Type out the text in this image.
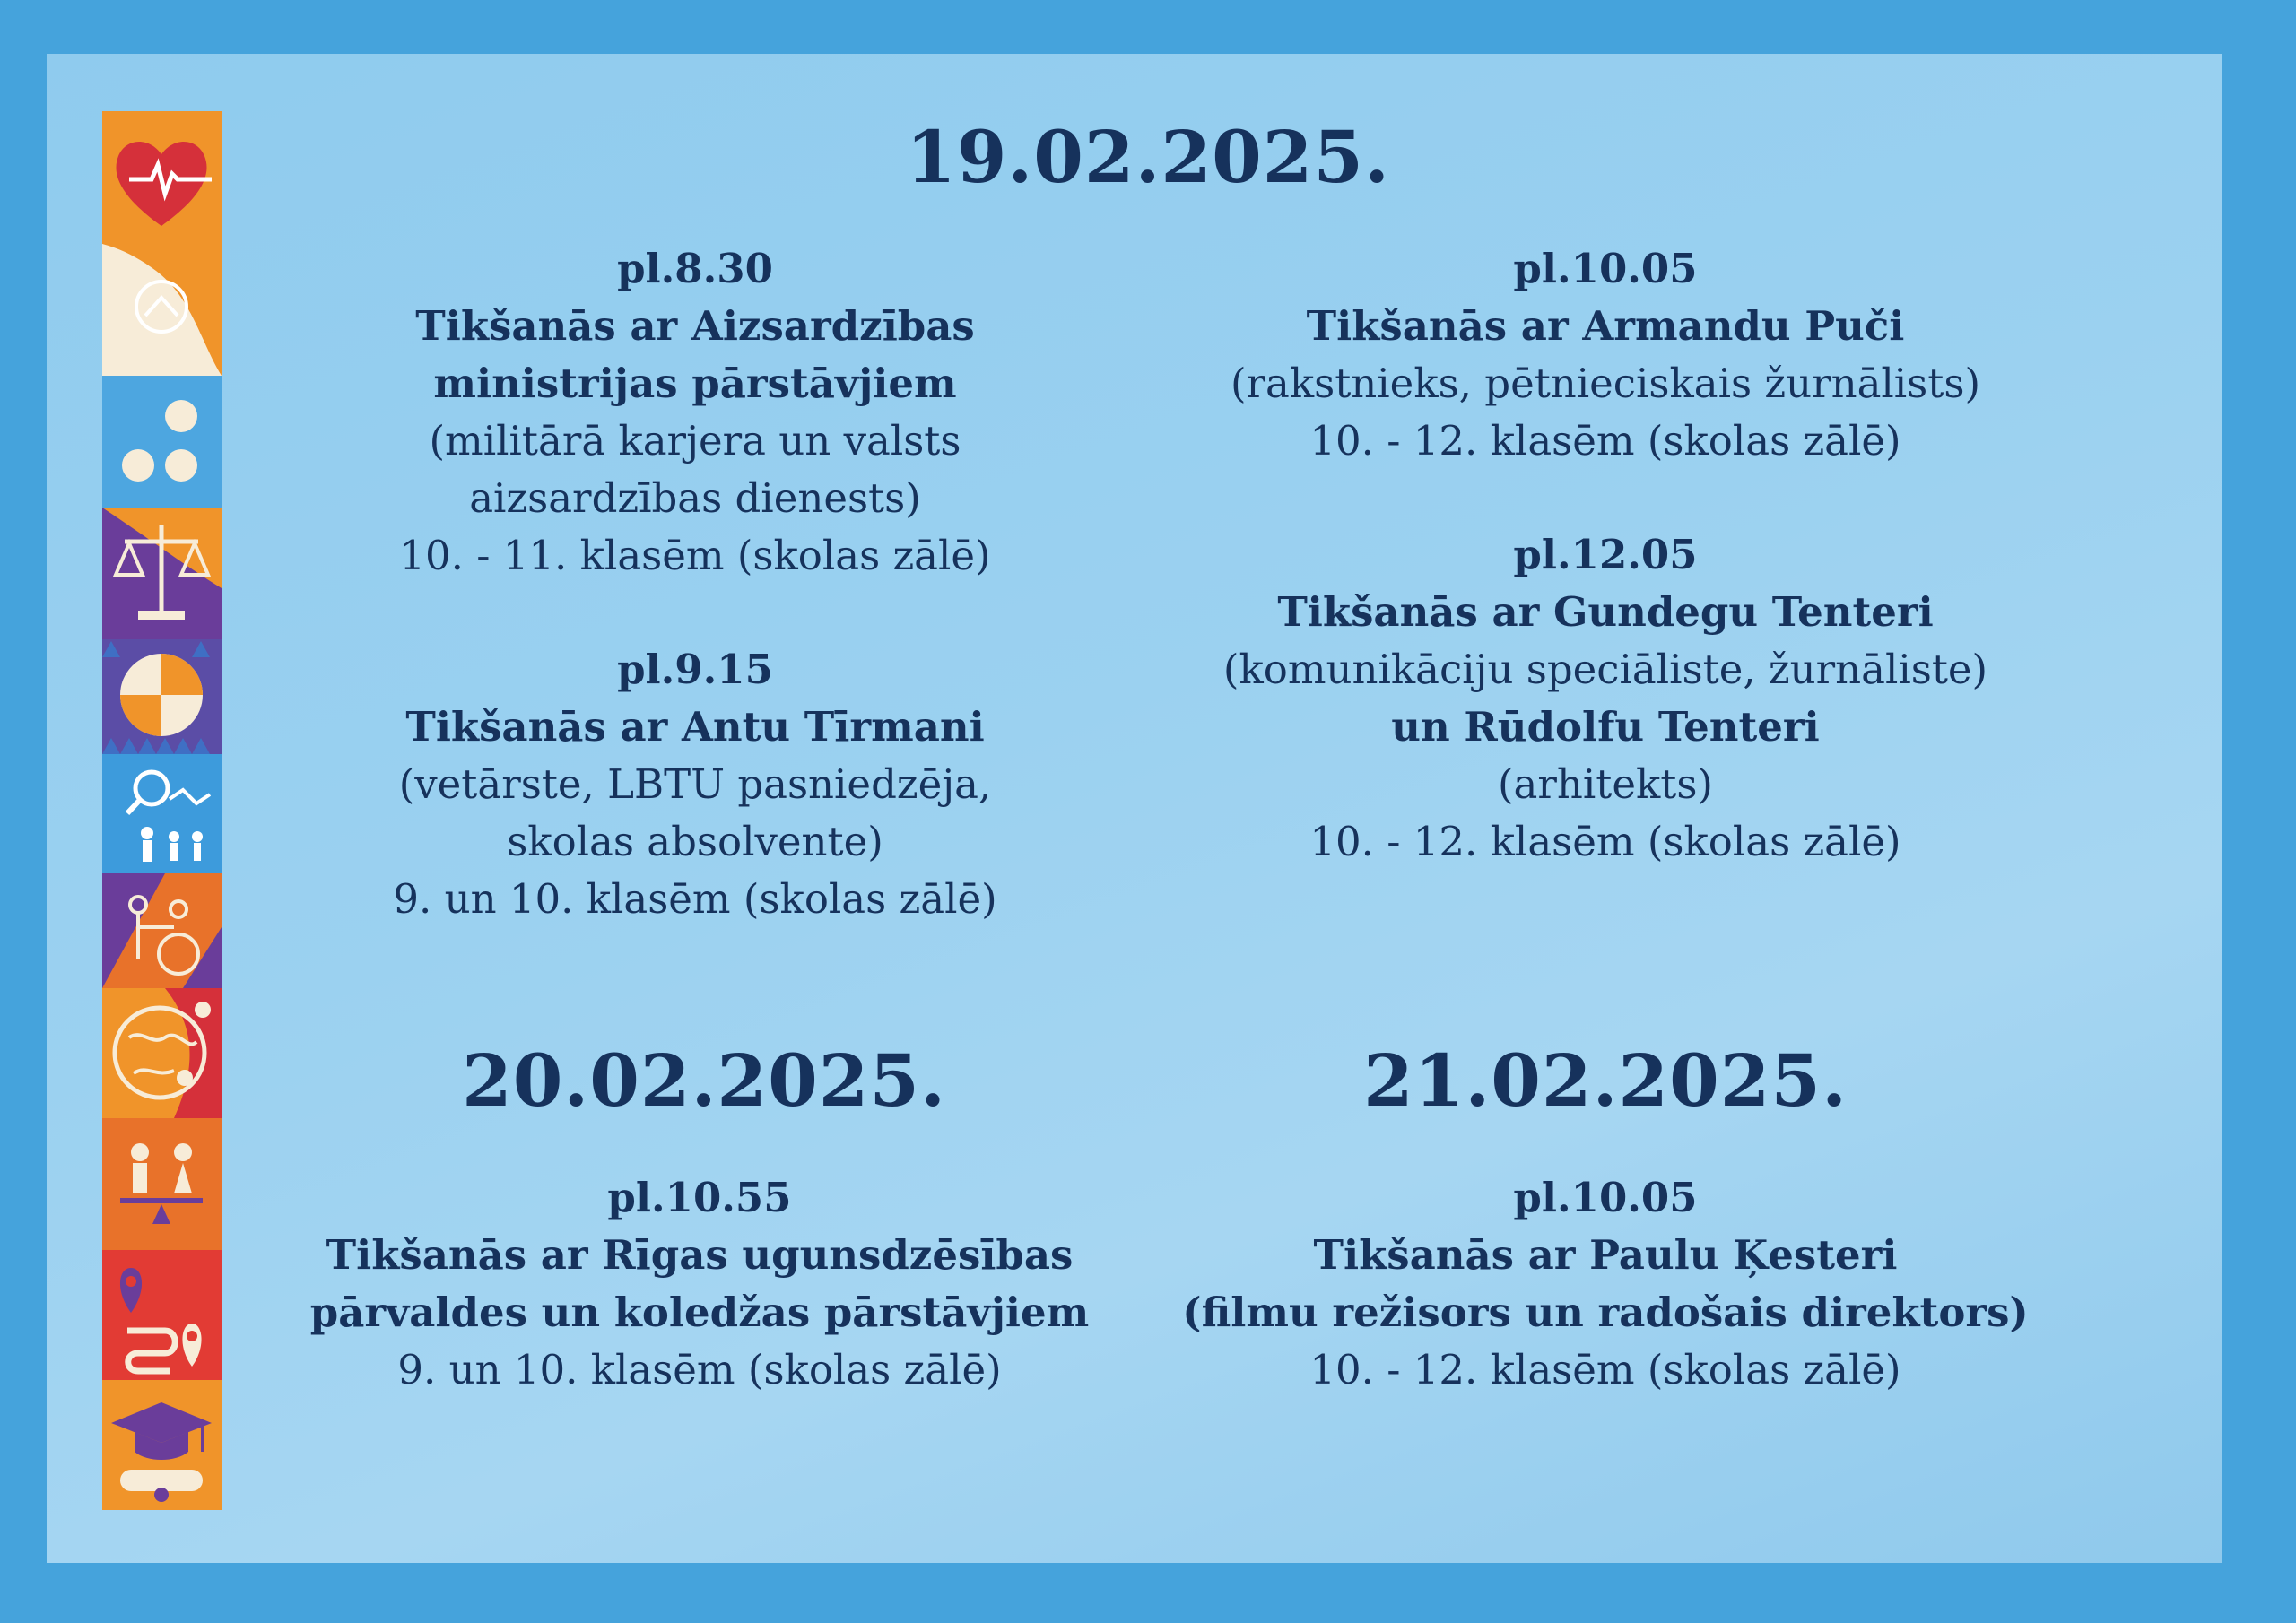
19.02.2025.
pl.8.30
Tikšanās ar Aizsardzības
ministrijas pārstāvjiem
(militārā karjera un valsts
aizsardzības dienests)
10. - 11. klasēm (skolas zālē)
pl.9.15
Tikšanās ar Antu Tīrmani
(vetārste, LBTU pasniedzēja,
skolas absolvente)
9. un 10. klasēm (skolas zālē)
pl.10.05
Tikšanās ar Armandu Puči
(rakstnieks, pētnieciskais žurnālists)
10. - 12. klasēm (skolas zālē)
pl.12.05
Tikšanās ar Gundegu Tenteri
(komunikāciju speciāliste, žurnāliste)
un Rūdolfu Tenteri
(arhitekts)
10. - 12. klasēm (skolas zālē)
20.02.2025.
pl.10.55
Tikšanās ar Rīgas ugunsdzēsības
pārvaldes un koledžas pārstāvjiem
9. un 10. klasēm (skolas zālē)
21.02.2025.
pl.10.05
Tikšanās ar Paulu Ķesteri
(filmu režisors un radošais direktors)
10. - 12. klasēm (skolas zālē)
